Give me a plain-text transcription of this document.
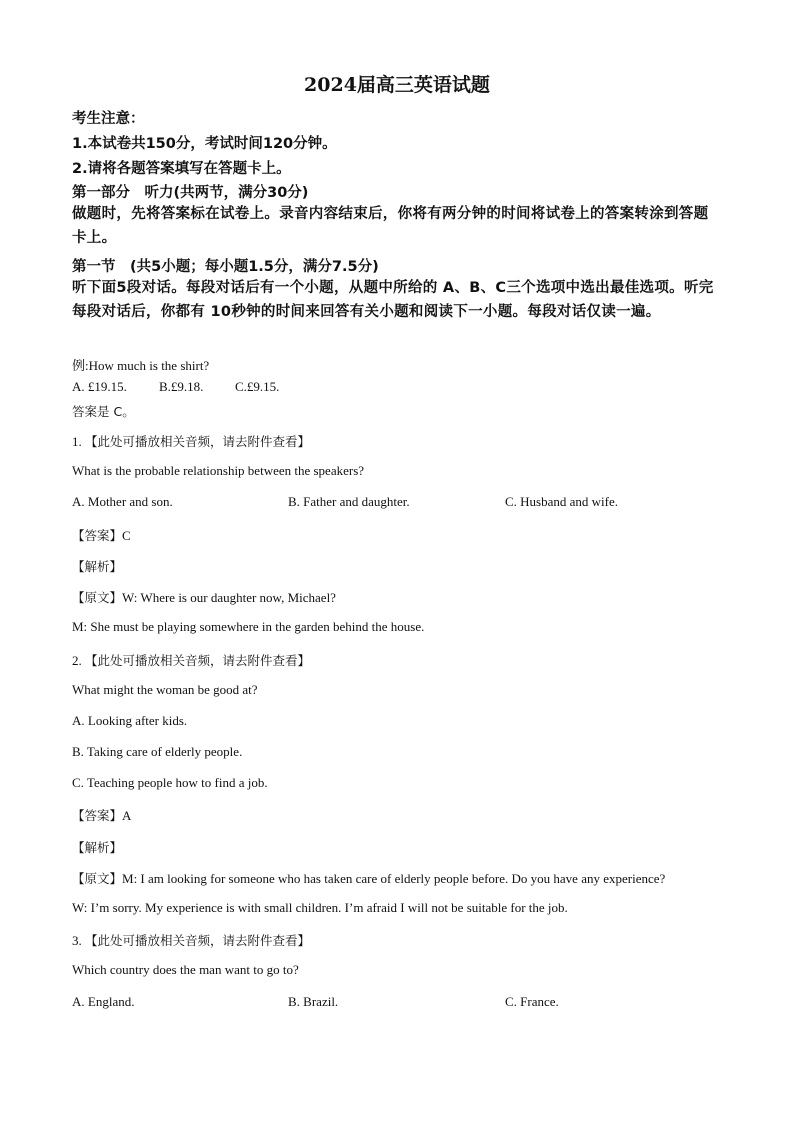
2024届高三英语试题
考生注意：
1.本试卷共150分，考试时间120分钟。
2.请将各题答案填写在答题卡上。
第一部分　听力(共两节，满分30分)
做题时，先将答案标在试卷上。录音内容结束后，你将有两分钟的时间将试卷上的答案转涂到答题卡上。
第一节　(共5小题；每小题1.5分，满分7.5分)
听下面5段对话。每段对话后有一个小题，从题中所给的 A、B、C三个选项中选出最佳选项。听完每段对话后，你都有 10秒钟的时间来回答有关小题和阅读下一小题。每段对话仅读一遍。
例:How much is the shirt?
A. £19.15. B.£9.18. C.£9.15.
答案是 C。
1. 【此处可播放相关音频，请去附件查看】
What is the probable relationship between the speakers?
A. Mother and son.	B. Father and daughter.	C. Husband and wife.
【答案】C
【解析】
【原文】W: Where is our daughter now, Michael?
M: She must be playing somewhere in the garden behind the house.
2. 【此处可播放相关音频，请去附件查看】
What might the woman be good at?
A. Looking after kids.
B. Taking care of elderly people.
C. Teaching people how to find a job.
【答案】A
【解析】
【原文】M: I am looking for someone who has taken care of elderly people before. Do you have any experience?
W: I’m sorry. My experience is with small children. I’m afraid I will not be suitable for the job.
3. 【此处可播放相关音频，请去附件查看】
Which country does the man want to go to?
A. England.	B. Brazil.	C. France.
